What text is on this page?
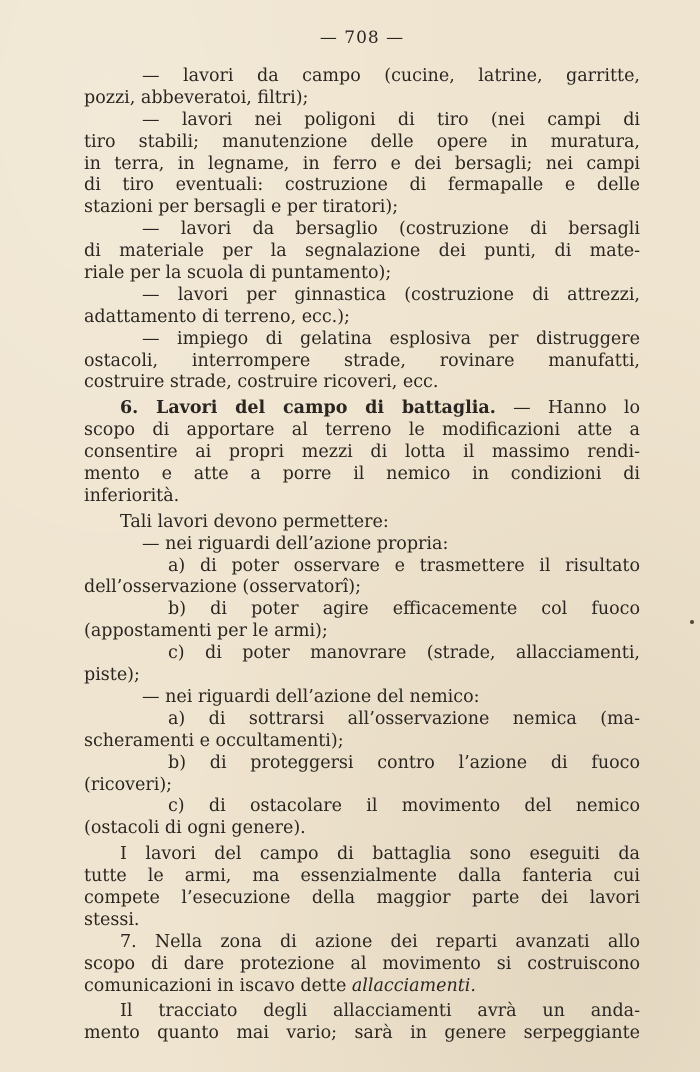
— 708 —
— lavori da campo (cucine, latrine, garritte,
pozzi, abbeveratoi, filtri);
— lavori nei poligoni di tiro (nei campi di
tiro stabili; manutenzione delle opere in muratura,
in terra, in legname, in ferro e dei bersagli; nei campi
di tiro eventuali: costruzione di fermapalle e delle
stazioni per bersagli e per tiratori);
— lavori da bersaglio (costruzione di bersagli
di materiale per la segnalazione dei punti, di mate-
riale per la scuola di puntamento);
— lavori per ginnastica (costruzione di attrezzi,
adattamento di terreno, ecc.);
— impiego di gelatina esplosiva per distruggere
ostacoli, interrompere strade, rovinare manufatti,
costruire strade, costruire ricoveri, ecc.
6. Lavori del campo di battaglia. — Hanno lo
scopo di apportare al terreno le modificazioni atte a
consentire ai propri mezzi di lotta il massimo rendi-
mento e atte a porre il nemico in condizioni di
inferiorità.
Tali lavori devono permettere:
— nei riguardi dell’azione propria:
a) di poter osservare e trasmettere il risultato
dell’osservazione (osservatorî);
b) di poter agire efficacemente col fuoco
(appostamenti per le armi);
c) di poter manovrare (strade, allacciamenti,
piste);
— nei riguardi dell’azione del nemico:
a) di sottrarsi all’osservazione nemica (ma-
scheramenti e occultamenti);
b) di proteggersi contro l’azione di fuoco
(ricoveri);
c) di ostacolare il movimento del nemico
(ostacoli di ogni genere).
I lavori del campo di battaglia sono eseguiti da
tutte le armi, ma essenzialmente dalla fanteria cui
compete l’esecuzione della maggior parte dei lavori
stessi.
7. Nella zona di azione dei reparti avanzati allo
scopo di dare protezione al movimento si costruiscono
comunicazioni in iscavo dette allacciamenti.
Il tracciato degli allacciamenti avrà un anda-
mento quanto mai vario; sarà in genere serpeggiante
